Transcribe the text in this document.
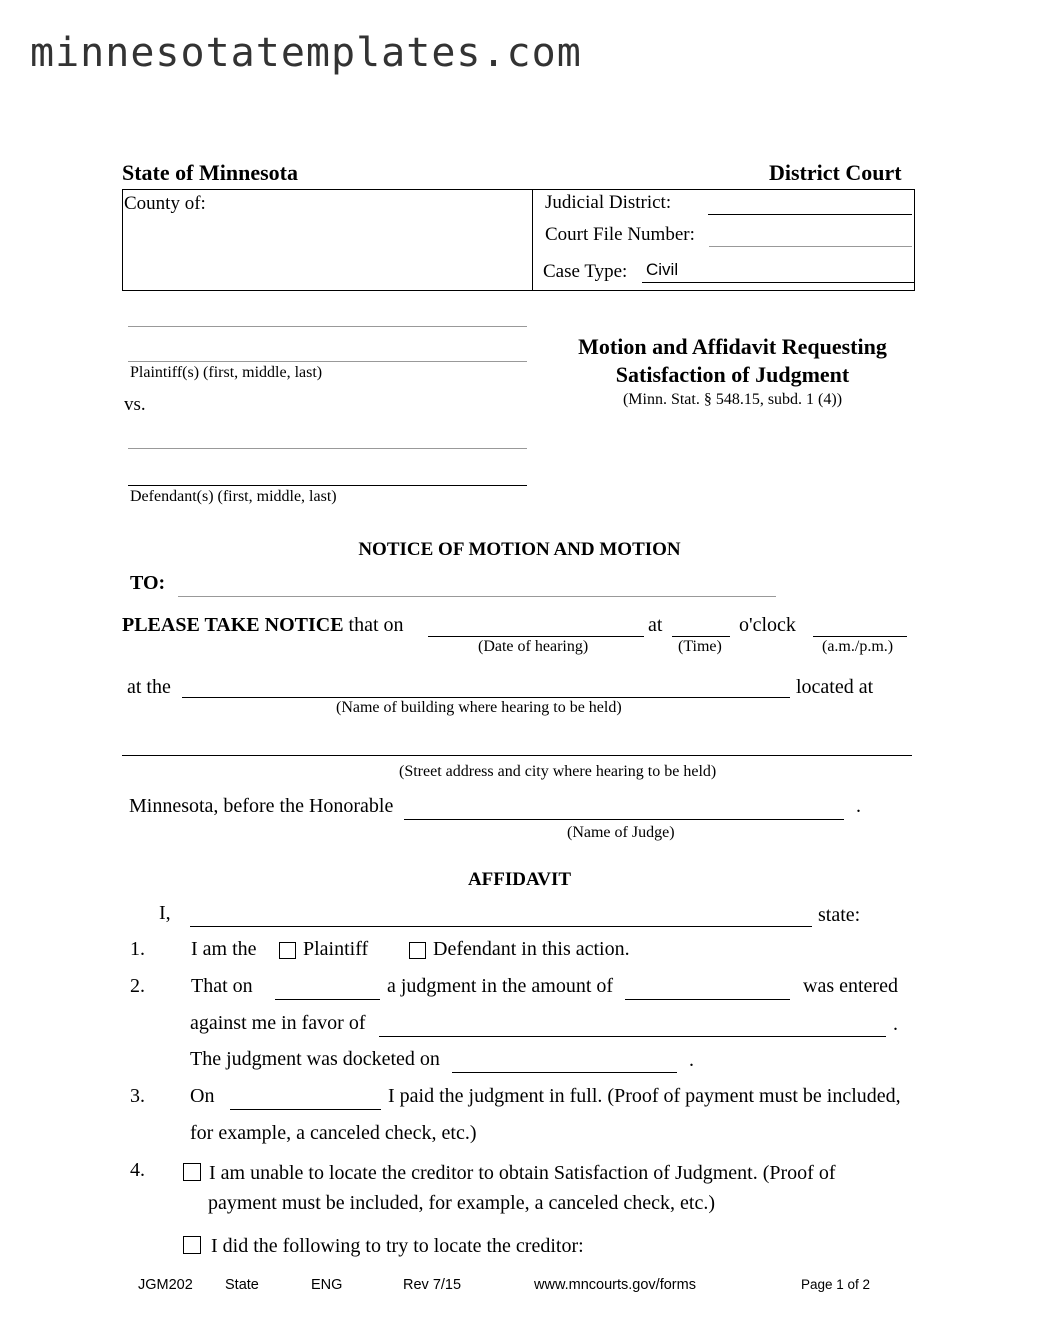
minnesotatemplates.com
State of Minnesota	District Court
County of:	Judicial District:
Court File Number:
Case Type: Civil
Plaintiff(s) (first, middle, last)
vs.
Defendant(s) (first, middle, last)
Motion and Affidavit Requesting
Satisfaction of Judgment
(Minn. Stat. § 548.15, subd. 1 (4))
NOTICE OF MOTION AND MOTION
TO:
PLEASE TAKE NOTICE that on	at	o'clock
(Date of hearing)	(Time)	(a.m./p.m.)
at the	located at
(Name of building where hearing to be held)
(Street address and city where hearing to be held)
Minnesota, before the Honorable	.
(Name of Judge)
AFFIDAVIT
I,	state:
1. I am the Plaintiff	Defendant in this action.
2. That on	a judgment in the amount of	was entered
against me in favor of	.
The judgment was docketed on	.
3. On	I paid the judgment in full. (Proof of payment must be included,
for example, a canceled check, etc.)
4.	I am unable to locate the creditor to obtain Satisfaction of Judgment. (Proof of
payment must be included, for example, a canceled check, etc.)
I did the following to try to locate the creditor:
JGM202 State	ENG	Rev 7/15	www.mncourts.gov/forms	Page 1 of 2
